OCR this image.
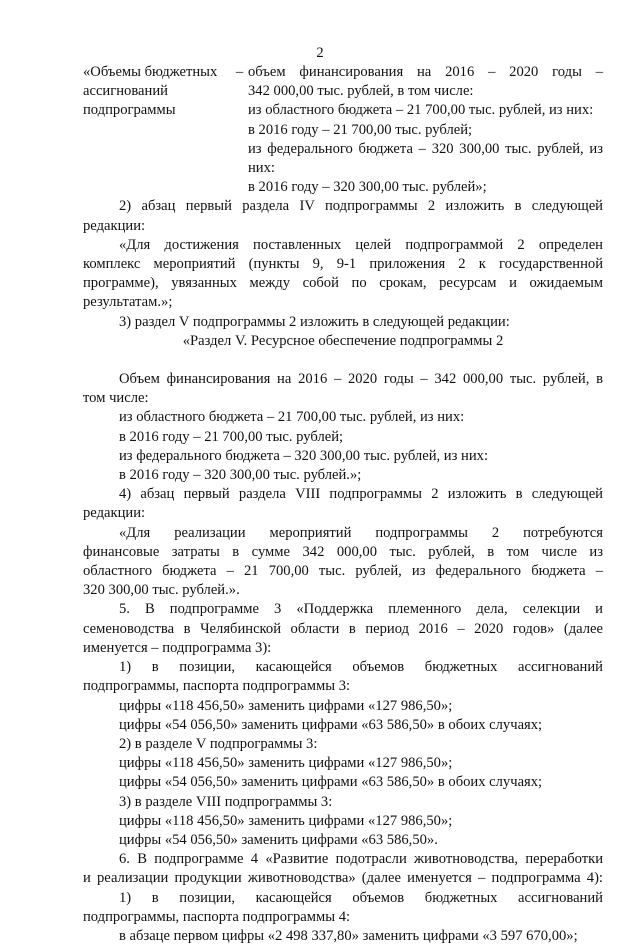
2
«Объемы бюджетных
ассигнований
подпрограммы
– объем финансирования на 2016 – 2020 годы –
342 000,00 тыс. рублей, в том числе:
из областного бюджета – 21 700,00 тыс. рублей, из них:
в 2016 году – 21 700,00 тыс. рублей;
из федерального бюджета – 320 300,00 тыс. рублей, из
них:
в 2016 году – 320 300,00 тыс. рублей»;

2) абзац первый раздела IV подпрограммы 2 изложить в следующей

редакции:

«Для достижения поставленных целей подпрограммой 2 определен

комплекс мероприятий (пункты 9, 9-1 приложения 2 к государственной

программе), увязанных между собой по срокам, ресурсам и ожидаемым

результатам.»;

3) раздел V подпрограммы 2 изложить в следующей редакции:

«Раздел V. Ресурсное обеспечение подпрограммы 2

Объем финансирования на 2016 – 2020 годы – 342 000,00 тыс. рублей, в

том числе:

из областного бюджета – 21 700,00 тыс. рублей, из них:

в 2016 году – 21 700,00 тыс. рублей;

из федерального бюджета – 320 300,00 тыс. рублей, из них:

в 2016 году – 320 300,00 тыс. рублей.»;

4) абзац первый раздела VIII подпрограммы 2 изложить в следующей

редакции:

«Для реализации мероприятий подпрограммы 2 потребуются

финансовые затраты в сумме 342 000,00 тыс. рублей, в том числе из

областного бюджета – 21 700,00 тыс. рублей, из федерального бюджета –

320 300,00 тыс. рублей.».

5. В подпрограмме 3 «Поддержка племенного дела, селекции и

семеноводства в Челябинской области в период 2016 – 2020 годов» (далее

именуется – подпрограмма 3):

1) в позиции, касающейся объемов бюджетных ассигнований

подпрограммы, паспорта подпрограммы 3:

цифры «118 456,50» заменить цифрами «127 986,50»;

цифры «54 056,50» заменить цифрами «63 586,50» в обоих случаях;

2) в разделе V подпрограммы 3:

цифры «118 456,50» заменить цифрами «127 986,50»;

цифры «54 056,50» заменить цифрами «63 586,50» в обоих случаях;

3) в разделе VIII подпрограммы 3:

цифры «118 456,50» заменить цифрами «127 986,50»;

цифры «54 056,50» заменить цифрами «63 586,50».

6. В подпрограмме 4 «Развитие подотрасли животноводства, переработки

и реализации продукции животноводства» (далее именуется – подпрограмма 4):

1) в позиции, касающейся объемов бюджетных ассигнований

подпрограммы, паспорта подпрограммы 4:

в абзаце первом цифры «2 498 337,80» заменить цифрами «3 597 670,00»;
